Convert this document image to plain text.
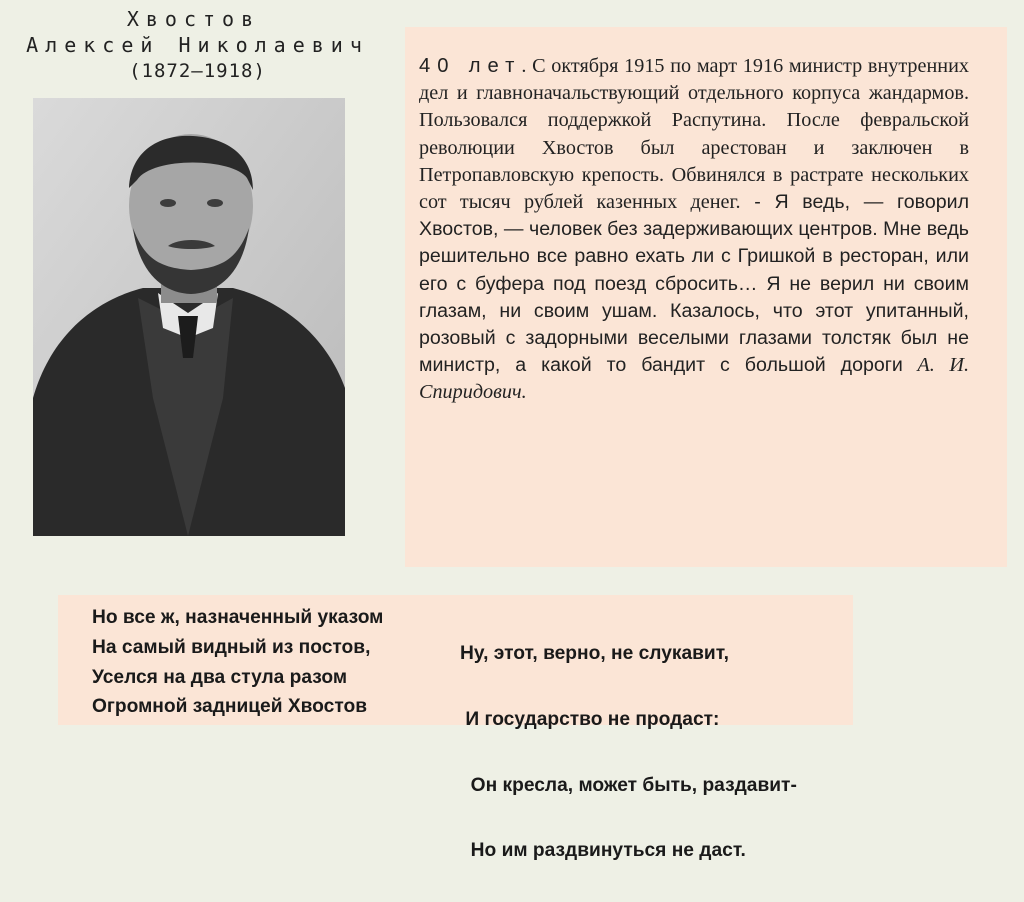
Хвостов
Алексей Николаевич
(1872–1918)	40 лет. С октября 1915 по март 1916 министр внутренних дел и главноначальствующий отдельного корпуса жандармов. Пользовался поддержкой Распутина. После февральской революции Хвостов был арестован и заключен в Петропавловскую крепость. Обвинялся в растрате нескольких сот тысяч рублей казенных денег. - Я ведь, — говорил Хвостов, — человек без задерживающих центров. Мне ведь решительно все равно ехать ли с Гришкой в ресторан, или его с буфера под поезд сбросить… Я не верил ни своим глазам, ни своим ушам. Казалось, что этот упитанный, розовый с задорными веселыми глазами толстяк был не министр, а какой то бандит с большой дороги А. И. Спиридович.
Но все ж, назначенный указом
На самый видный из постов,
Уселся на два стула разом
Огромной задницей Хвостов

Ну, этот, верно, не слукавит,

И государство не продаст:

Он кресла, может быть, раздавит-

Но им раздвинуться не даст.
